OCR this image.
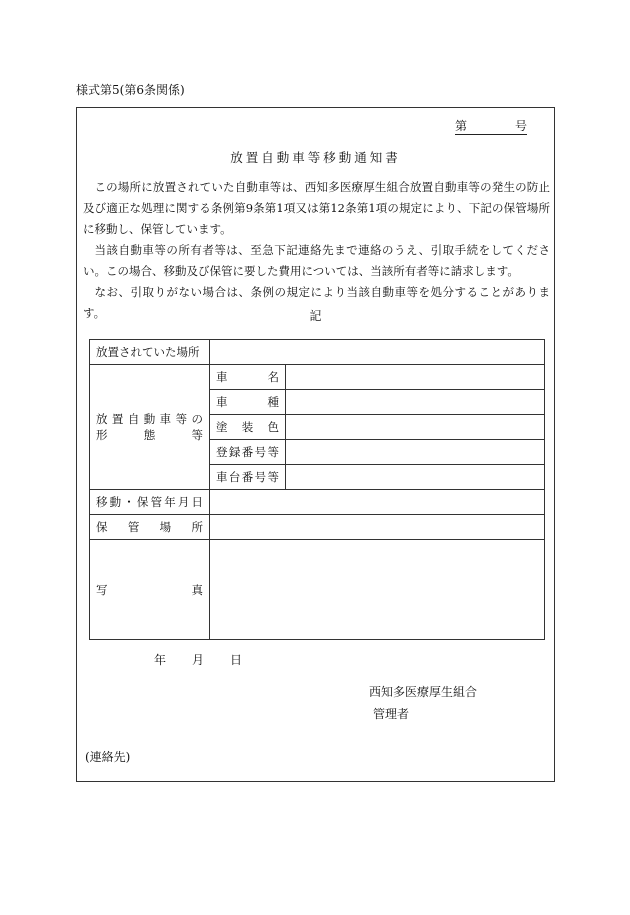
様式第5(第6条関係)
第	号
放置自動車等移動通知書

この場所に放置されていた自動車等は、西知多医療厚生組合放置自動車等の発生の防止及び適正な処理に関する条例第9条第1項又は第12条第1項の規定により、下記の保管場所に移動し、保管しています。

当該自動車等の所有者等は、至急下記連絡先まで連絡のうえ、引取手続をしてください。この場合、移動及び保管に要した費用については、当該所有者等に請求します。

なお、引取りがない場合は、条例の規定により当該自動車等を処分することがあります。	記
放置されていた場所		

放置自動車等の
形態等	車名	
	車種	
	塗装色	
	登録番号等	
	車台番号等	
移動・保管年月日		
保管場所		
写真		
年 月 日
西知多医療厚生組合
管理者
(連絡先)
